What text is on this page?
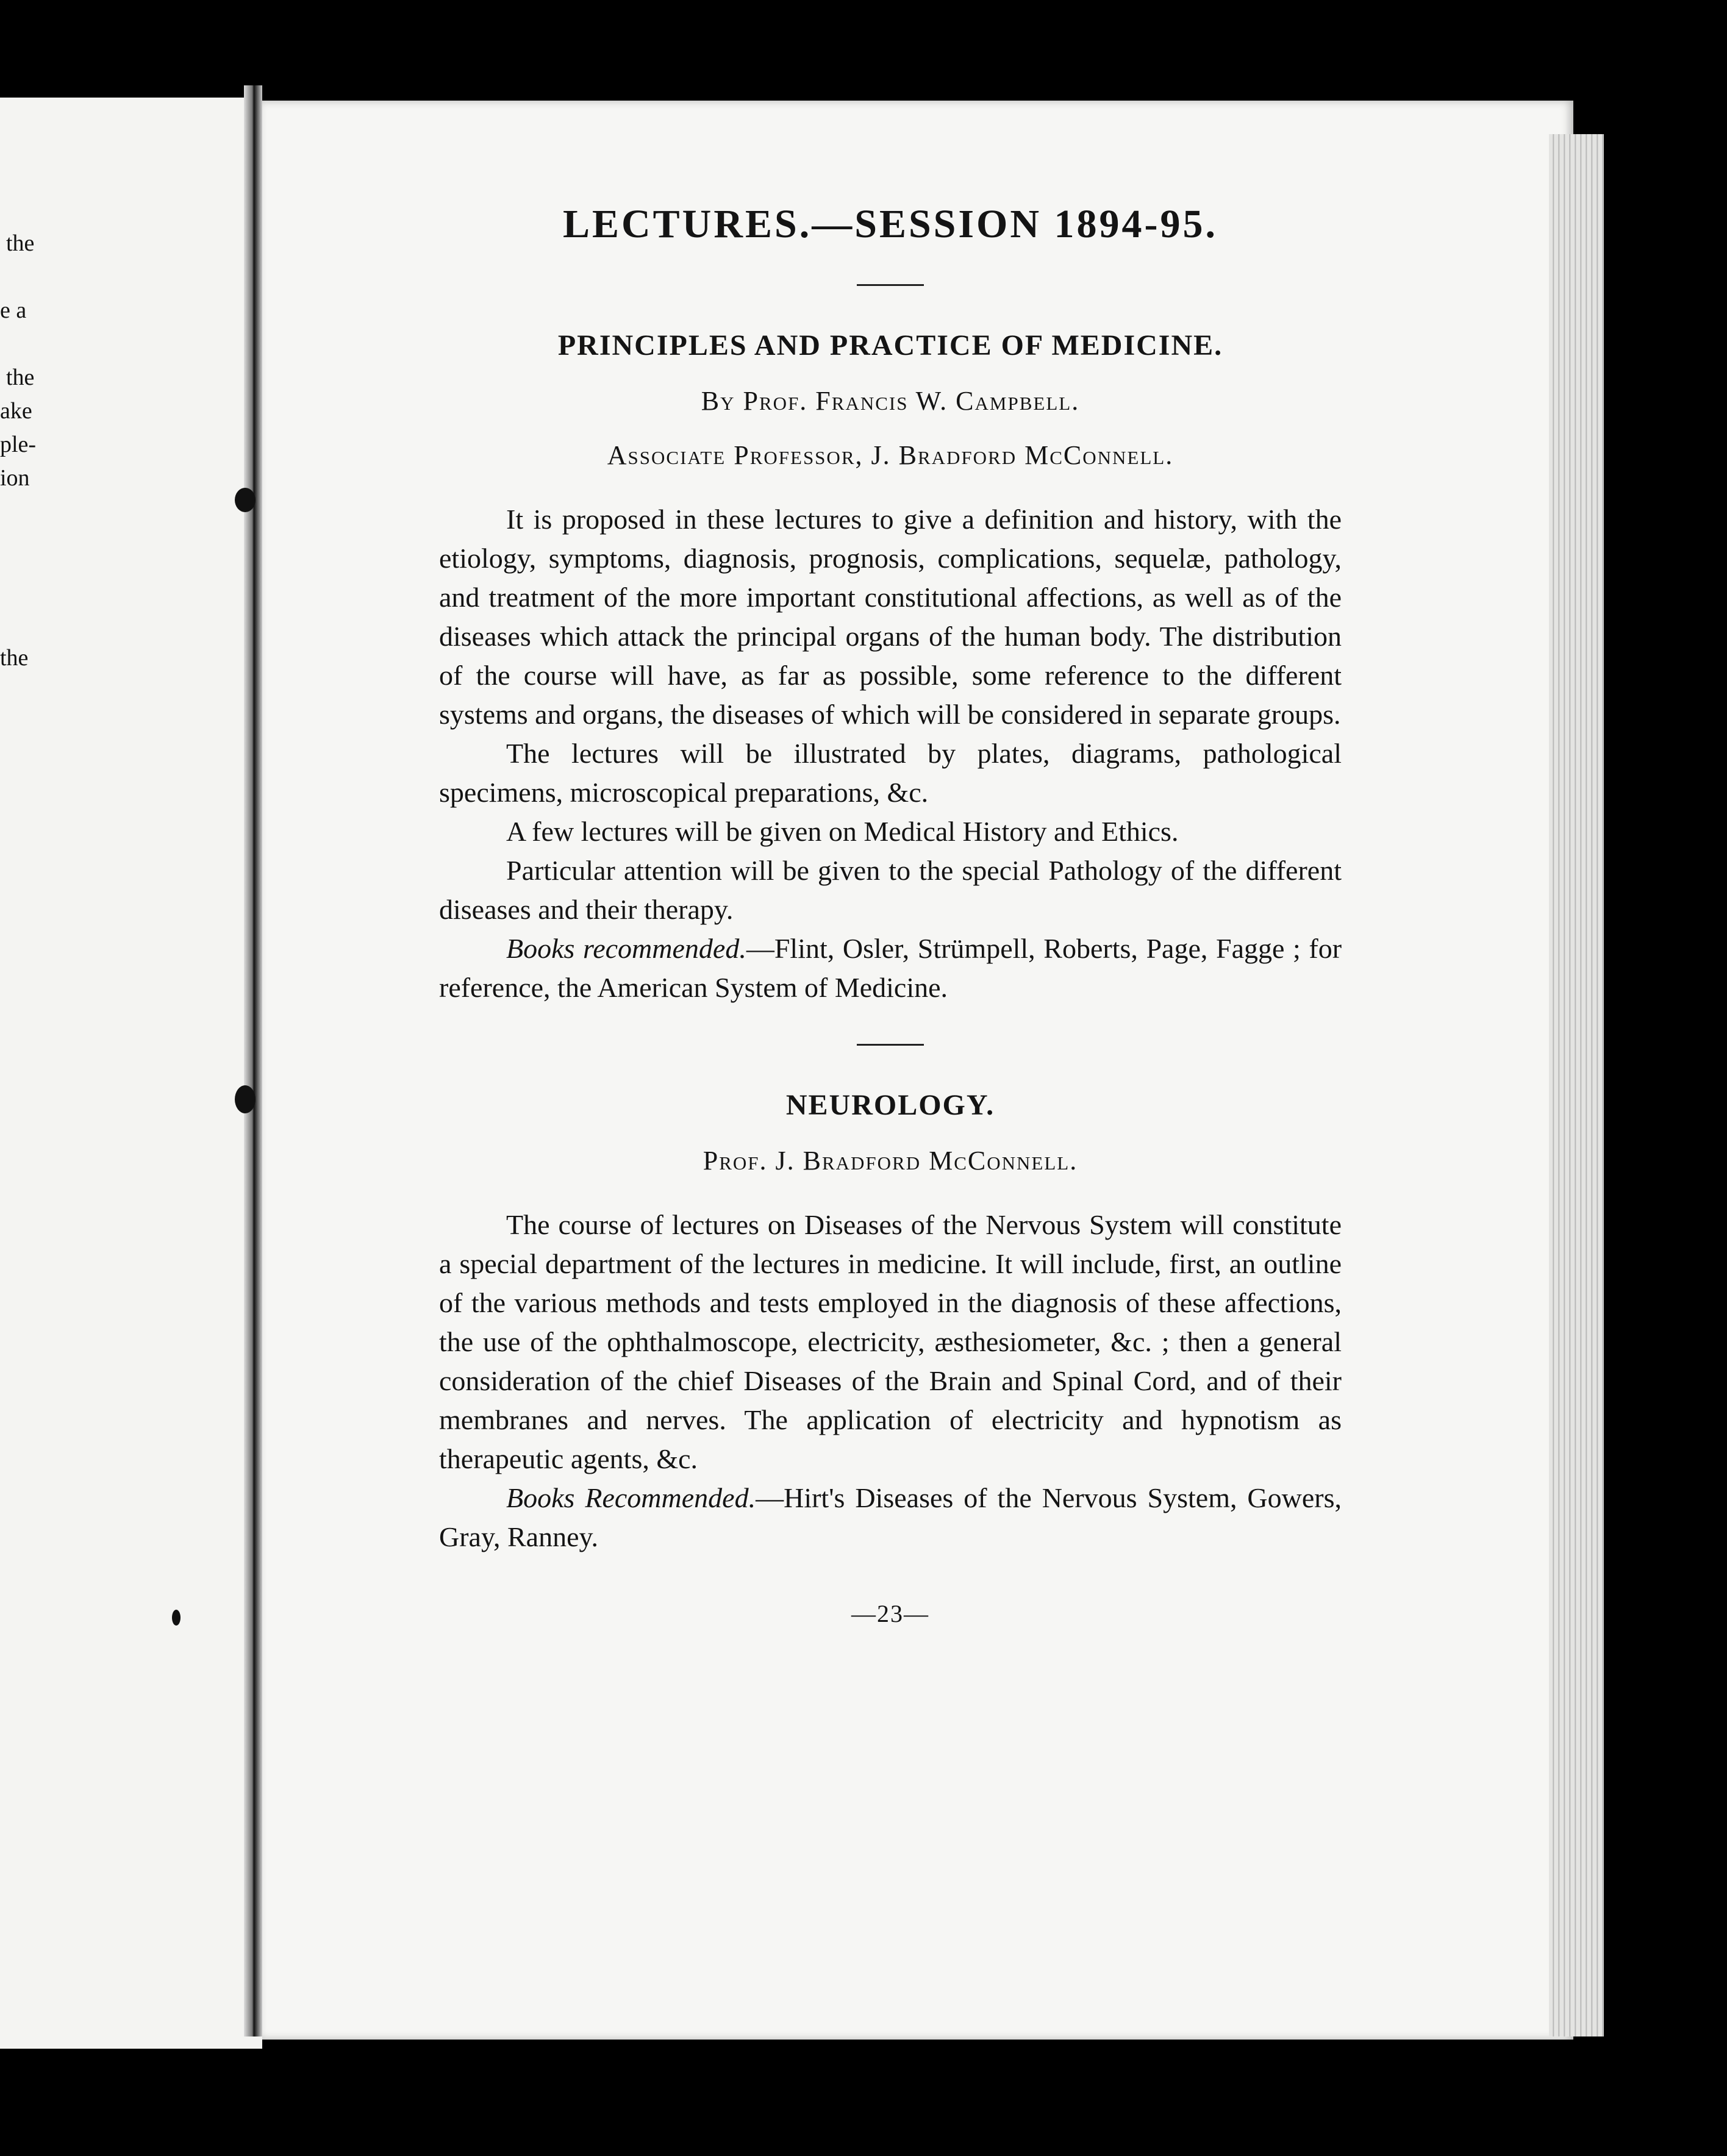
the
e a
the
ake
ple-
ion
the
LECTURES.—SESSION 1894-95.
PRINCIPLES AND PRACTICE OF MEDICINE.

By Prof. Francis W. Campbell.

Associate Professor, J. Bradford McConnell.

It is proposed in these lectures to give a definition and history, with the etiology, symptoms, diagnosis, prognosis, complications, sequelæ, pathology, and treatment of the more important constitutional affections, as well as of the diseases which attack the principal organs of the human body. The distribution of the course will have, as far as possible, some reference to the different systems and organs, the diseases of which will be considered in separate groups.

The lectures will be illustrated by plates, diagrams, pathological specimens, microscopical preparations, &c.

A few lectures will be given on Medical History and Ethics.

Particular attention will be given to the special Pathology of the different diseases and their therapy.

Books recommended.—Flint, Osler, Strümpell, Roberts, Page, Fagge ; for reference, the American System of Medicine.

NEUROLOGY.

Prof. J. Bradford McConnell.

The course of lectures on Diseases of the Nervous System will constitute a special department of the lectures in medicine. It will include, first, an outline of the various methods and tests employed in the diagnosis of these affections, the use of the ophthalmoscope, electricity, æsthesiometer, &c. ; then a general consideration of the chief Diseases of the Brain and Spinal Cord, and of their membranes and nerves. The application of electricity and hypnotism as therapeutic agents, &c.

Books Recommended.—Hirt's Diseases of the Nervous System, Gowers, Gray, Ranney.

—23—
